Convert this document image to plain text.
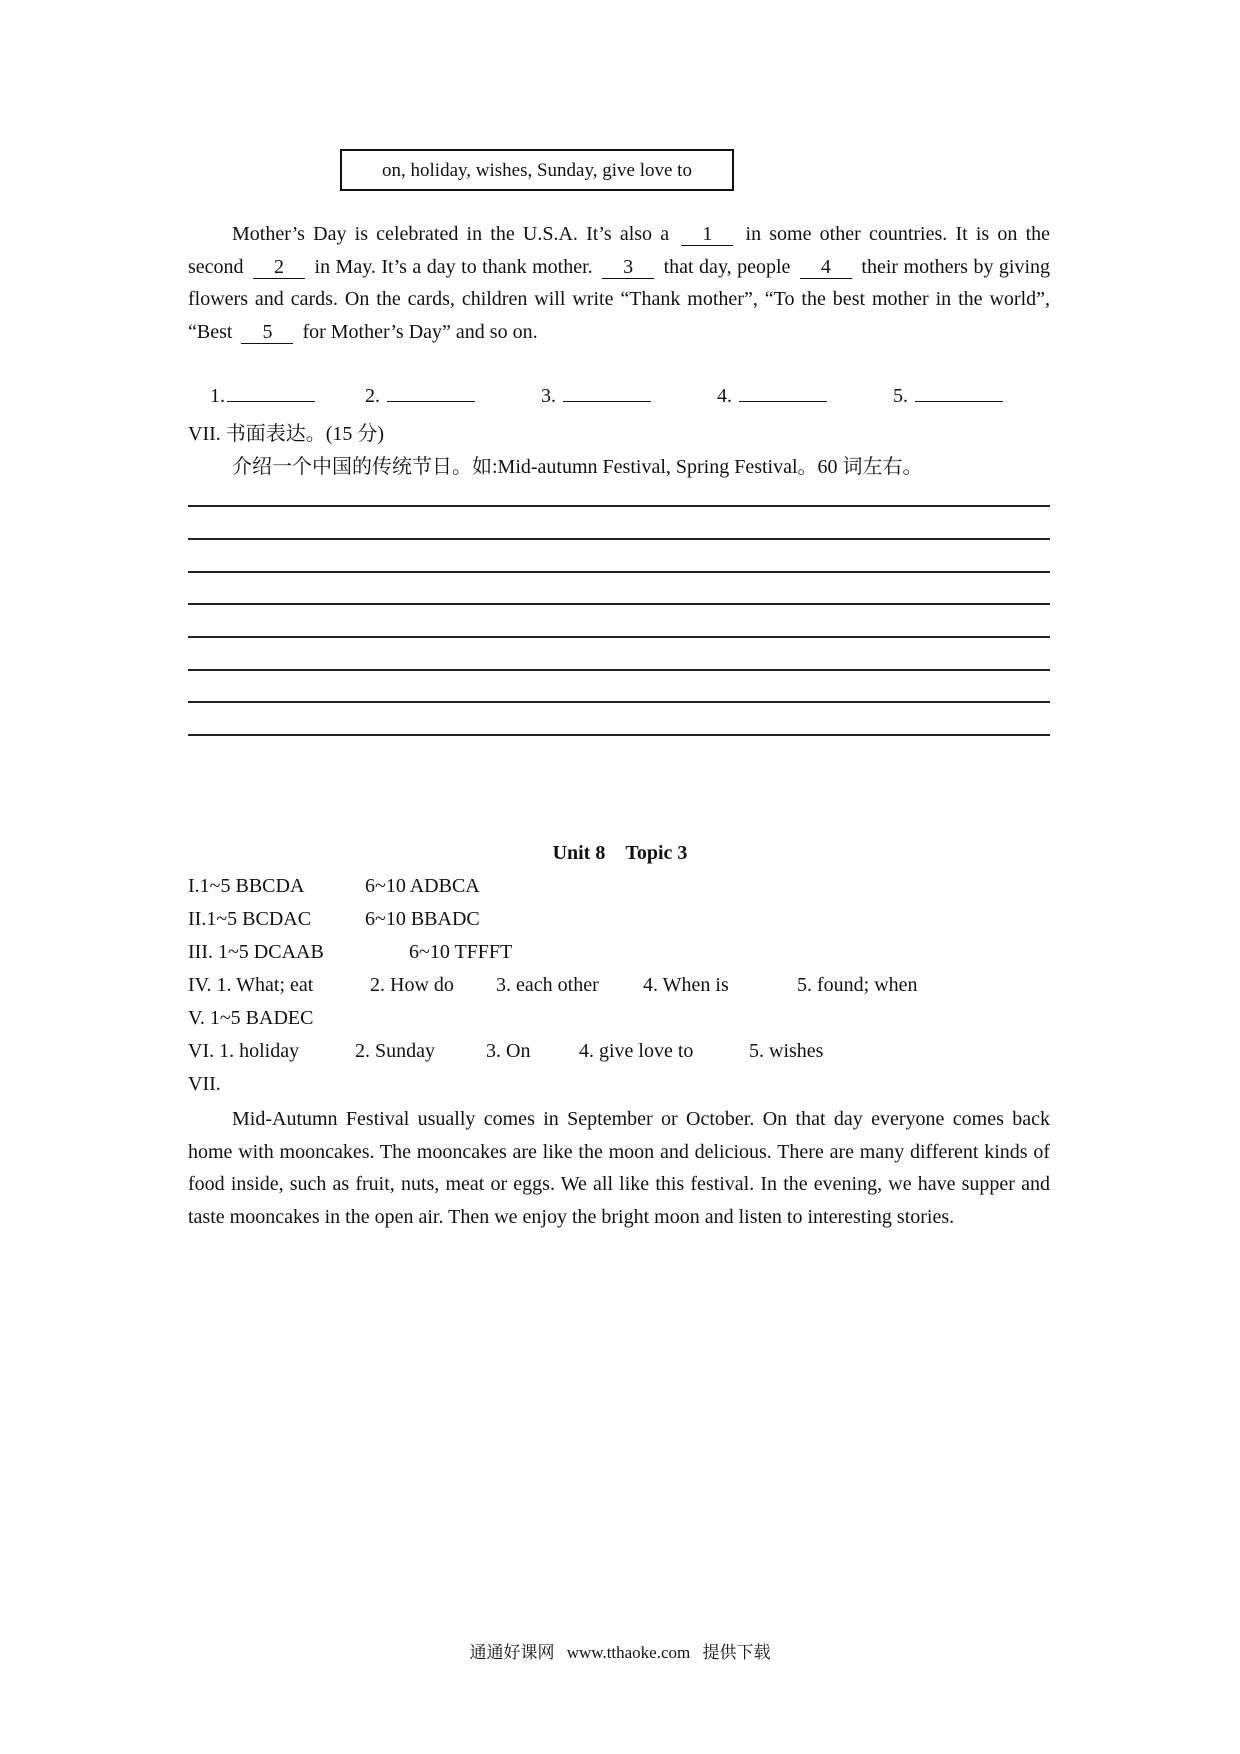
on, holiday, wishes, Sunday, give love to

Mother’s Day is celebrated in the U.S.A. It’s also a 1 in some other countries. It is on the second 2 in May. It’s a day to thank mother. 3 that day, people 4 their mothers by giving flowers and cards. On the cards, children will write “Thank mother”, “To the best mother in the world”, “Best 5 for Mother’s Day” and so on.

1.	2.	3.	4.	5.
VII. 书面表达。(15 分)
介绍一个中国的传统节日。如:Mid-autumn Festival, Spring Festival。60 词左右。
Unit 8 Topic 3
I.1~5 BBCDA	6~10 ADBCA
II.1~5 BCDAC	6~10 BBADC
III. 1~5 DCAAB	6~10 TFFFT
IV. 1. What; eat	2. How do 3. each other 4. When is	5. found; when
V. 1~5 BADEC
VI. 1. holiday	2. Sunday	3. On 4. give love to	5. wishes
VII.

Mid-Autumn Festival usually comes in September or October. On that day everyone comes back home with mooncakes. The mooncakes are like the moon and delicious. There are many different kinds of food inside, such as fruit, nuts, meat or eggs. We all like this festival. In the evening, we have supper and taste mooncakes in the open air. Then we enjoy the bright moon and listen to interesting stories.

通通好课网 www.tthaoke.com 提供下载
